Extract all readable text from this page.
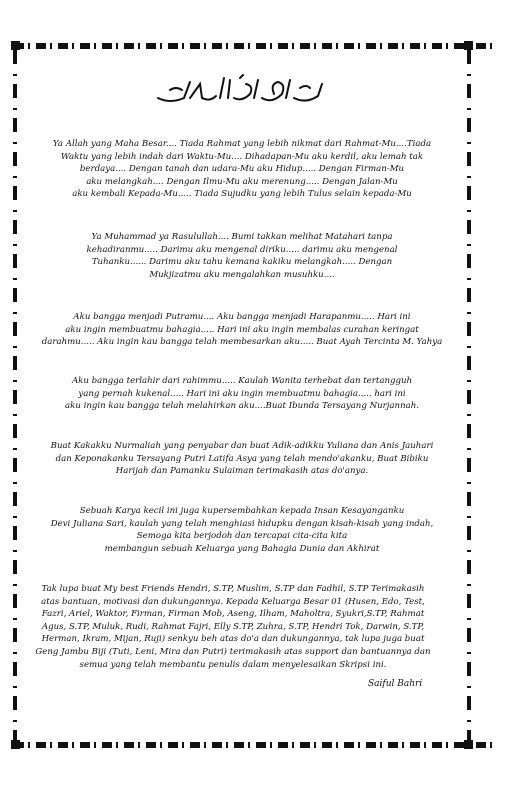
Ya Allah yang Maha Besar.... Tiada Rahmat yang lebih nikmat dari Rahmat-Mu....Tiada
Waktu yang lebih indah dari Waktu-Mu.... Dihadapan-Mu aku kerdil, aku lemah tak
berdaya.... Dengan tanah dan udara-Mu aku Hidup..... Dengan Firman-Mu
aku melangkah.... Dengan Ilmu-Mu aku merenung..... Dengan Jalan-Mu
aku kembali Kepada-Mu..... Tiada Sujudku yang lebih Tulus selain kepada-Mu
Ya Muhammad ya Rasulullah.... Bumi takkan melihat Matahari tanpa
kehadiranmu..... Darimu aku mengenal diriku..... darimu aku mengenal
Tuhanku...... Darimu aku tahu kemana kakiku melangkah..... Dengan
Mukjizatmu aku mengalahkan musuhku....
Aku bangga menjadi Putramu.... Aku bangga menjadi Harapanmu..... Hari ini
aku ingin membuatmu bahagia..... Hari ini aku ingin membalas curahan keringat
darahmu..... Aku ingin kau bangga telah membesarkan aku..... Buat Ayah Tercinta M. Yahya
Aku bangga terlahir dari rahimmu..... Kaulah Wanita terhebat dan tertangguh
yang pernah kukenal..... Hari ini aku ingin membuatmu bahagia..... hari ini
aku ingin kau bangga telah melahirkan aku....Buat Ibunda Tersayang Nurjannah.
Buat Kakakku Nurmaliah yang penyabar dan buat Adik-adikku Yuliana dan Anis Jauhari
dan Keponakanku Tersayang Putri Latifa Asya yang telah mendo'akanku, Buat Bibiku
Harijah dan Pamanku Sulaiman terimakasih atas do'anya.
Sebuah Karya kecil ini juga kupersembahkan kepada Insan Kesayanganku
Devi Juliana Sari, kaulah yang telah menghiasi hidupku dengan kisah-kisah yang indah,
Semoga kita berjodoh dan tercapai cita-cita kita
membangun sebuah Keluarga yang Bahagia Dunia dan Akhirat
Tak lupa buat My best Friends Hendri, S.TP, Muslim, S.TP dan Fadhil, S.TP Terimakasih
atas bantuan, motivasi dan dukungannya. Kepada Keluarga Besar 01 (Husen, Edo, Test,
Fazri, Ariel, Waktor, Firman, Firman Mob, Aseng, Ilham, Maholtra, Syukri,S.TP, Rahmat
Agus, S.TP, Muluk, Rudi, Rahmat Fajri, Elly S.TP, Zuhra, S.TP, Hendri Tok, Darwin, S.TP,
Herman, Ikram, Mijan, Ruji) senkyu beh atas do'a dan dukungannya, tak lupa juga buat
Geng Jambu Biji (Tuti, Leni, Mira dan Putri) terimakasih atas support dan bantuannya dan
semua yang telah membantu penulis dalam menyelesaikan Skripsi ini.
Saiful Bahri
